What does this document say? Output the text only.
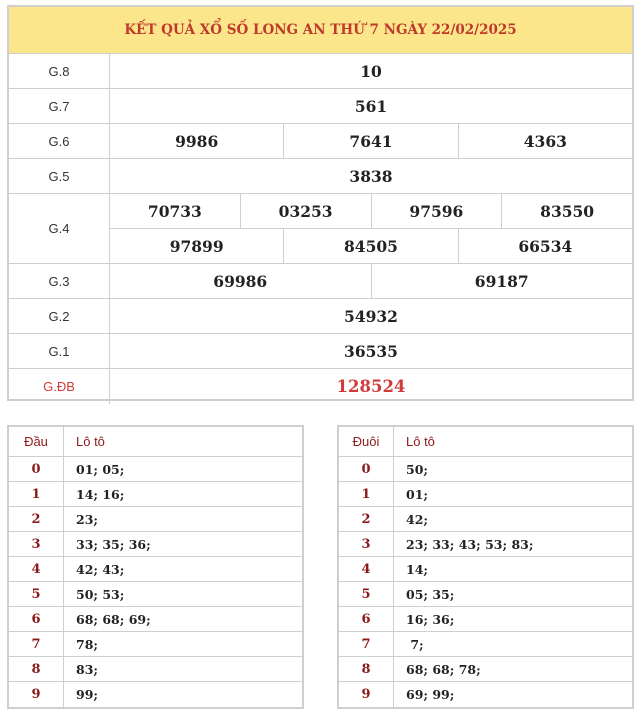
KẾT QUẢ XỔ SỐ LONG AN THỨ 7 NGÀY 22/02/2025
G.8	10
G.7	561
G.6	9986	7641	4363
G.5	3838
G.4
70733	03253	97596	83550
97899	84505	66534
G.3	69986	69187
G.2	54932
G.1	36535
G.ĐB	128524
Đầu	Lô tô
0	01; 05;
1	14; 16;
2	23;
3	33; 35; 36;
4	42; 43;
5	50; 53;
6	68; 68; 69;
7	78;
8	83;
9	99;
Đuôi	Lô tô
0	50;
1	01;
2	42;
3	23; 33; 43; 53; 83;
4	14;
5	05; 35;
6	16; 36;
7	7;
8	68; 68; 78;
9	69; 99;
